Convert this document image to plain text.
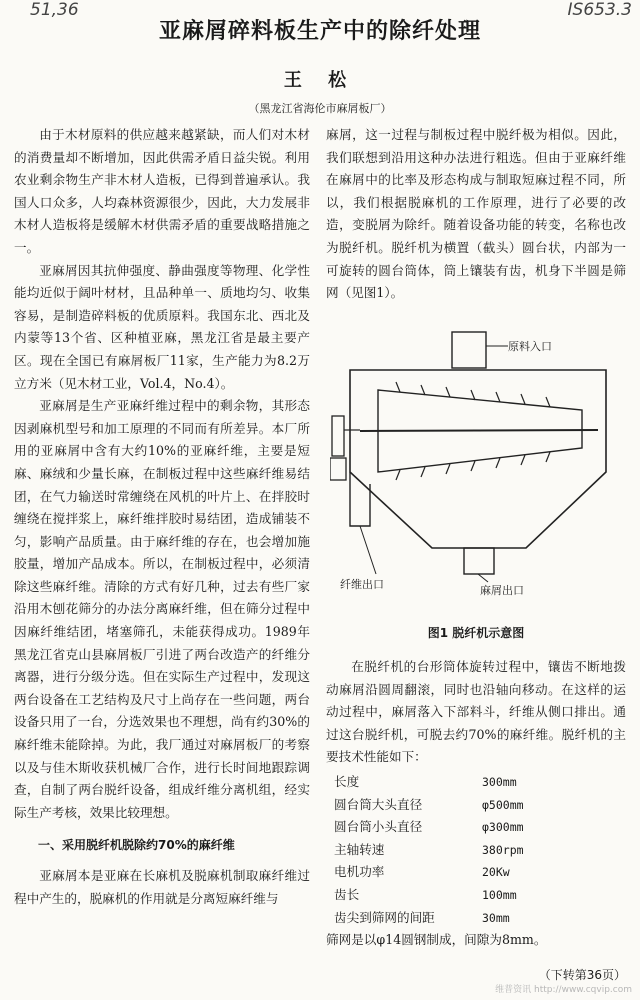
51,36	IS653.3
亚麻屑碎料板生产中的除纤处理
王 松
（黑龙江省海伦市麻屑板厂）

由于木材原料的供应越来越紧缺，而人们对木材的消费量却不断增加，因此供需矛盾日益尖锐。利用农业剩余物生产非木材人造板，已得到普遍承认。我国人口众多，人均森林资源很少，因此，大力发展非木材人造板将是缓解木材供需矛盾的重要战略措施之一。

亚麻屑因其抗伸强度、静曲强度等物理、化学性能均近似于阔叶材材，且品种单一、质地均匀、收集容易，是制造碎料板的优质原料。我国东北、西北及内蒙等13个省、区种植亚麻，黑龙江省是最主要产区。现在全国已有麻屑板厂11家，生产能力为8.2万立方米（见木材工业，Vol.4，No.4）。

亚麻屑是生产亚麻纤维过程中的剩余物，其形态因剥麻机型号和加工原理的不同而有所差异。本厂所用的亚麻屑中含有大约10%的亚麻纤维，主要是短麻、麻绒和少量长麻，在制板过程中这些麻纤维易结团，在气力输送时常缠绕在风机的叶片上、在拌胶时缠绕在搅拌浆上，麻纤维拌胶时易结团，造成铺装不匀，影响产品质量。由于麻纤维的存在，也会增加施胶量，增加产品成本。所以，在制板过程中，必须清除这些麻纤维。清除的方式有好几种，过去有些厂家沿用木刨花筛分的办法分离麻纤维，但在筛分过程中因麻纤维结团，堵塞筛孔，未能获得成功。1989年黑龙江省克山县麻屑板厂引进了两台改造产的纤维分离器，进行分级分选。但在实际生产过程中，发现这两台设备在工艺结构及尺寸上尚存在一些问题，两台设备只用了一台，分选效果也不理想，尚有约30%的麻纤维未能除掉。为此，我厂通过对麻屑板厂的考察以及与佳木斯收获机械厂合作，进行长时间地跟踪调查，自制了两台脱纤设备，组成纤维分离机组，经实际生产考核，效果比较理想。

一、采用脱纤机脱除约70%的麻纤维

亚麻屑本是亚麻在长麻机及脱麻机制取麻纤维过程中产生的，脱麻机的作用就是分离短麻纤维与

麻屑，这一过程与制板过程中脱纤极为相似。因此，我们联想到沿用这种办法进行粗选。但由于亚麻纤维在麻屑中的比率及形态构成与制取短麻过程不同，所以，我们根据脱麻机的工作原理，进行了必要的改造，变脱屑为除纤。随着设备功能的转变，名称也改为脱纤机。脱纤机为横置（截头）圆台状，内部为一可旋转的圆台筒体，筒上镶装有齿，机身下半圆是筛网（见图1）。

原料入口
纤维出口	麻屑出口
图1 脱纤机示意图

在脱纤机的台形筒体旋转过程中，镶齿不断地拨动麻屑沿圆周翻滚，同时也沿轴向移动。在这样的运动过程中，麻屑落入下部料斗，纤维从侧口排出。通过这台脱纤机，可脱去约70%的麻纤维。脱纤机的主要技术性能如下：

长度	300mm
圆台筒大头直径	φ500mm
圆台筒小头直径	φ300mm
主轴转速	380rpm
电机功率	20Kw
齿长	100mm
齿尖到筛网的间距	30mm

筛网是以φ14圆钢制成，间隙为8mm。

（下转第36页）
维普资讯 http://www.cqvip.com
